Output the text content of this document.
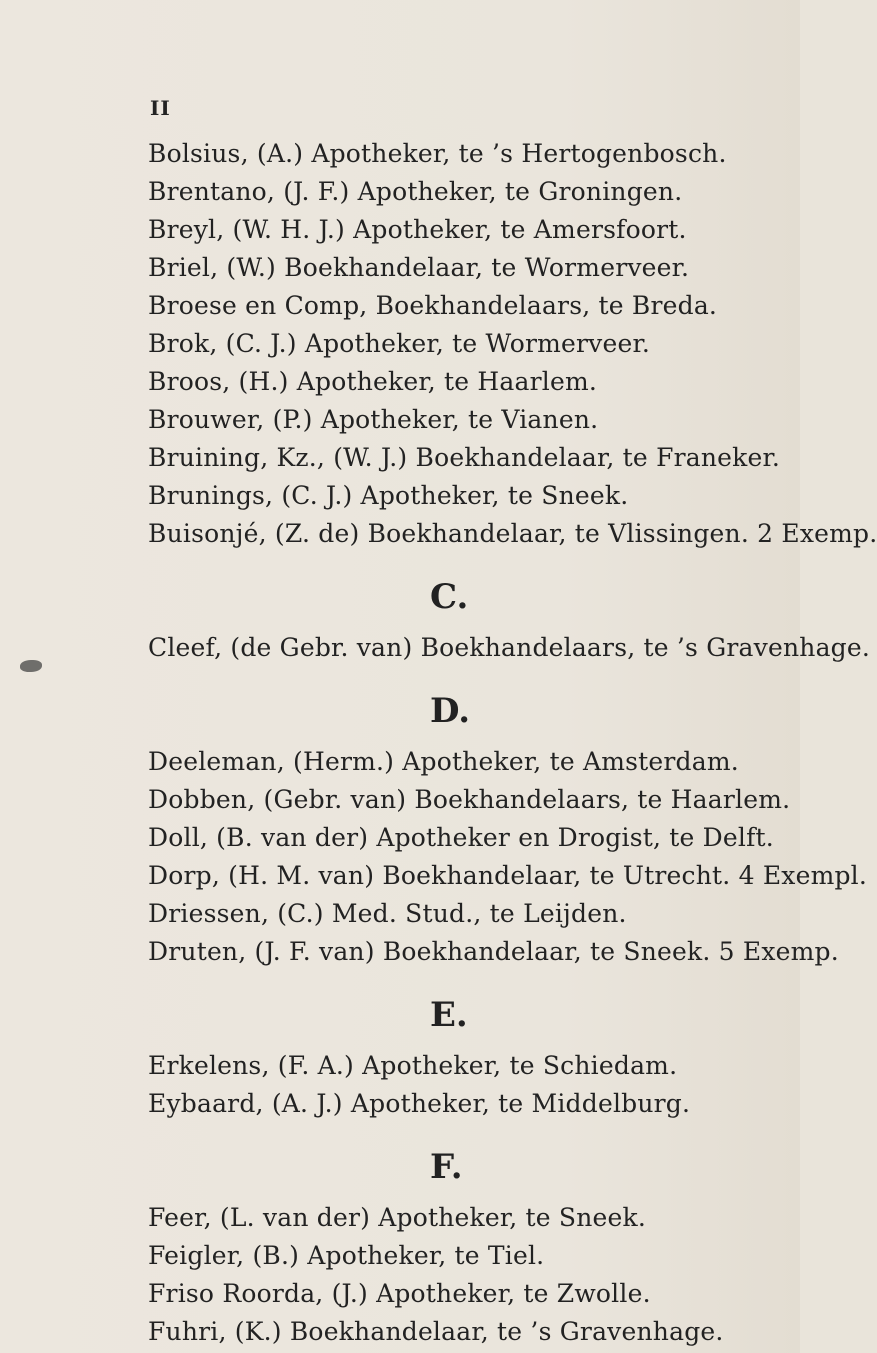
II
Bolsius, (A.) Apotheker, te ’s Hertogenbosch.
Brentano, (J. F.) Apotheker, te Groningen.
Breyl, (W. H. J.) Apotheker, te Amersfoort.
Briel, (W.) Boekhandelaar, te Wormerveer.
Broese en Comp, Boekhandelaars, te Breda.
Brok, (C. J.) Apotheker, te Wormerveer.
Broos, (H.) Apotheker, te Haarlem.
Brouwer, (P.) Apotheker, te Vianen.
Bruining, Kz., (W. J.) Boekhandelaar, te Franeker.
Brunings, (C. J.) Apotheker, te Sneek.
Buisonjé, (Z. de) Boekhandelaar, te Vlissingen. 2 Exemp.
C.
Cleef, (de Gebr. van) Boekhandelaars, te ’s Gravenhage.
D.
Deeleman, (Herm.) Apotheker, te Amsterdam.
Dobben, (Gebr. van) Boekhandelaars, te Haarlem.
Doll, (B. van der) Apotheker en Drogist, te Delft.
Dorp, (H. M. van) Boekhandelaar, te Utrecht. 4 Exempl.
Driessen, (C.) Med. Stud., te Leijden.
Druten, (J. F. van) Boekhandelaar, te Sneek. 5 Exemp.
E.
Erkelens, (F. A.) Apotheker, te Schiedam.
Eybaard, (A. J.) Apotheker, te Middelburg.
F.
Feer, (L. van der) Apotheker, te Sneek.
Feigler, (B.) Apotheker, te Tiel.
Friso Roorda, (J.) Apotheker, te Zwolle.
Fuhri, (K.) Boekhandelaar, te ’s Gravenhage.
